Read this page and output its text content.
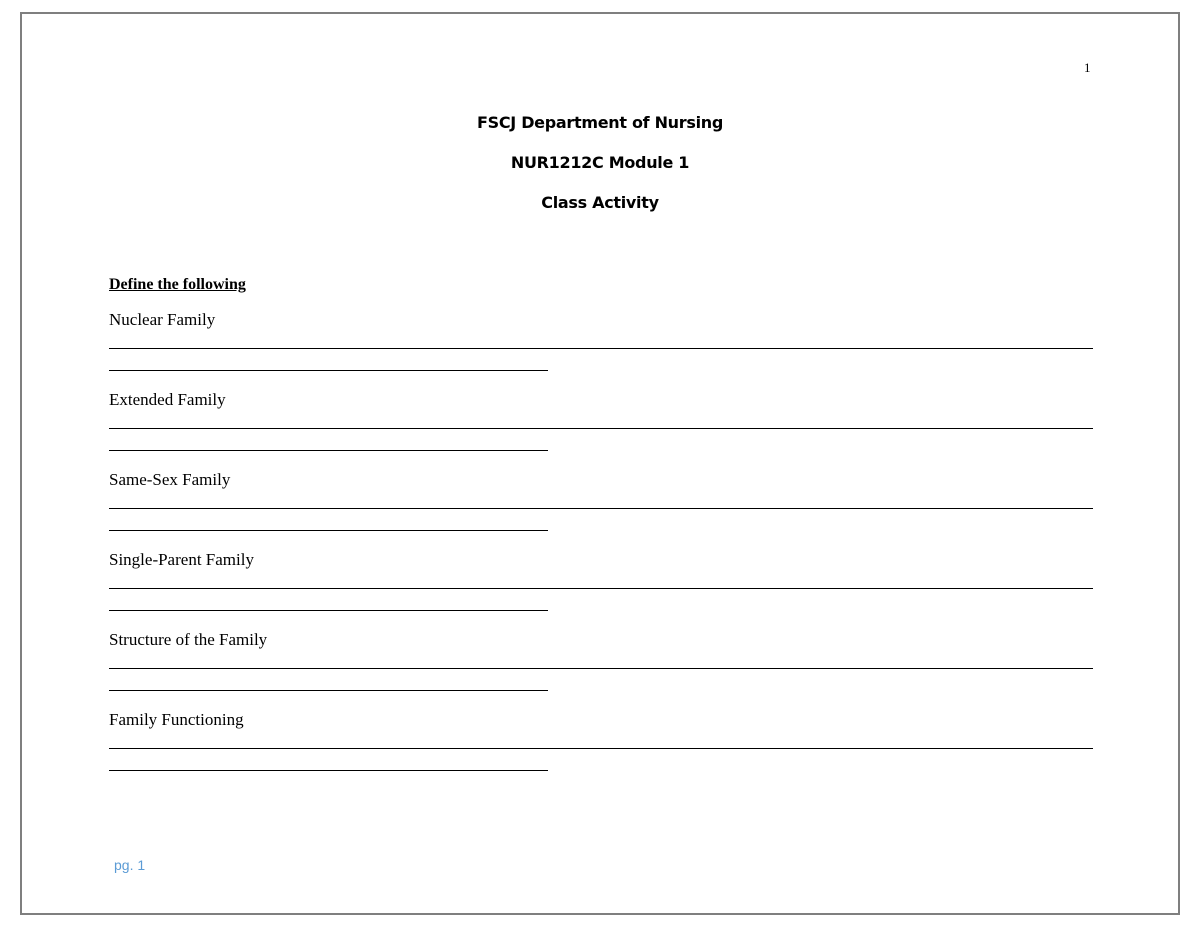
1
FSCJ Department of Nursing
NUR1212C Module 1
Class Activity
Define the following
Nuclear Family
Extended Family
Same-Sex Family
Single-Parent Family
Structure of the Family
Family Functioning
pg. 1
